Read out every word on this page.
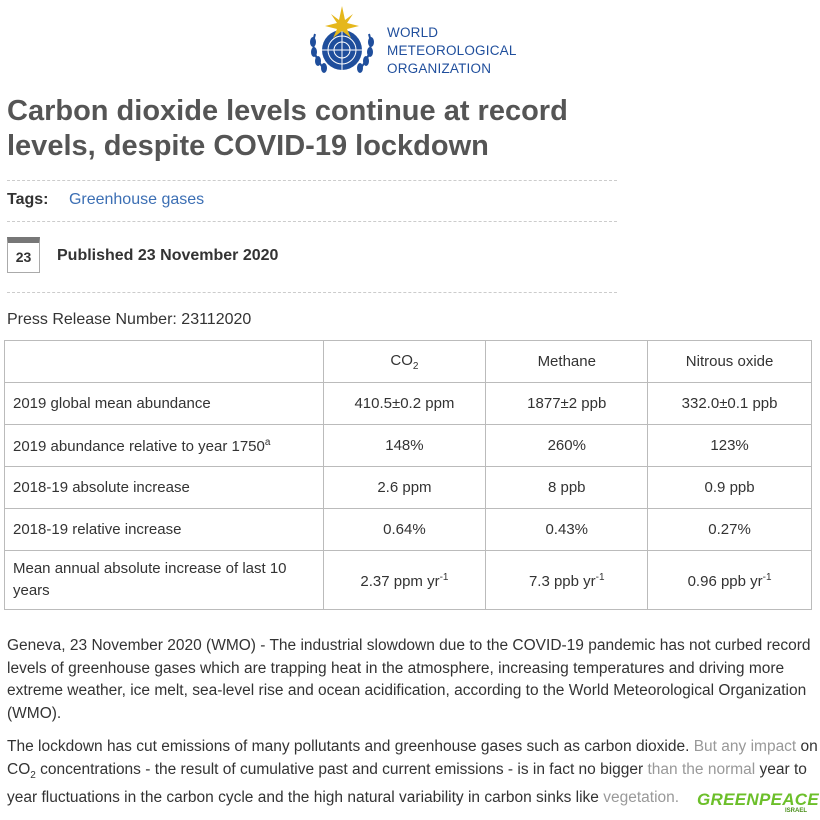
WORLD
METEOROLOGICAL
ORGANIZATION
Carbon dioxide levels continue at record levels, despite COVID-19 lockdown
Tags: Greenhouse gases
23	Published 23 November 2020
Press Release Number: 23112020
	$CO_2$	Methane	Nitrous oxide
2019 global mean abundance	410.5±0.2 ppm	1877±2 ppb	332.0±0.1 ppb
2019 abundance relative to year 1750$^a$	148%	260%	123%
2018-19 absolute increase	2.6 ppm	8 ppb	0.9 ppb
2018-19 relative increase	0.64%	0.43%	0.27%
Mean annual absolute increase of last 10 years	2.37 ppm $yr^{-1}$	7.3 ppb $yr^{-1}$	0.96 ppb $yr^{-1}$

Geneva, 23 November 2020 (WMO) - The industrial slowdown due to the COVID-19 pandemic has not curbed record levels of greenhouse gases which are trapping heat in the atmosphere, increasing temperatures and driving more extreme weather, ice melt, sea-level rise and ocean acidification, according to the World Meteorological Organization (WMO).

The lockdown has cut emissions of many pollutants and greenhouse gases such as carbon dioxide. But any impact on $CO_2$ concentrations - the result of cumulative past and current emissions - is in fact no bigger than the normal year to year fluctuations in the carbon cycle and the high natural variability in carbon sinks like vegetation.	GREENPEACE
ISRAEL
